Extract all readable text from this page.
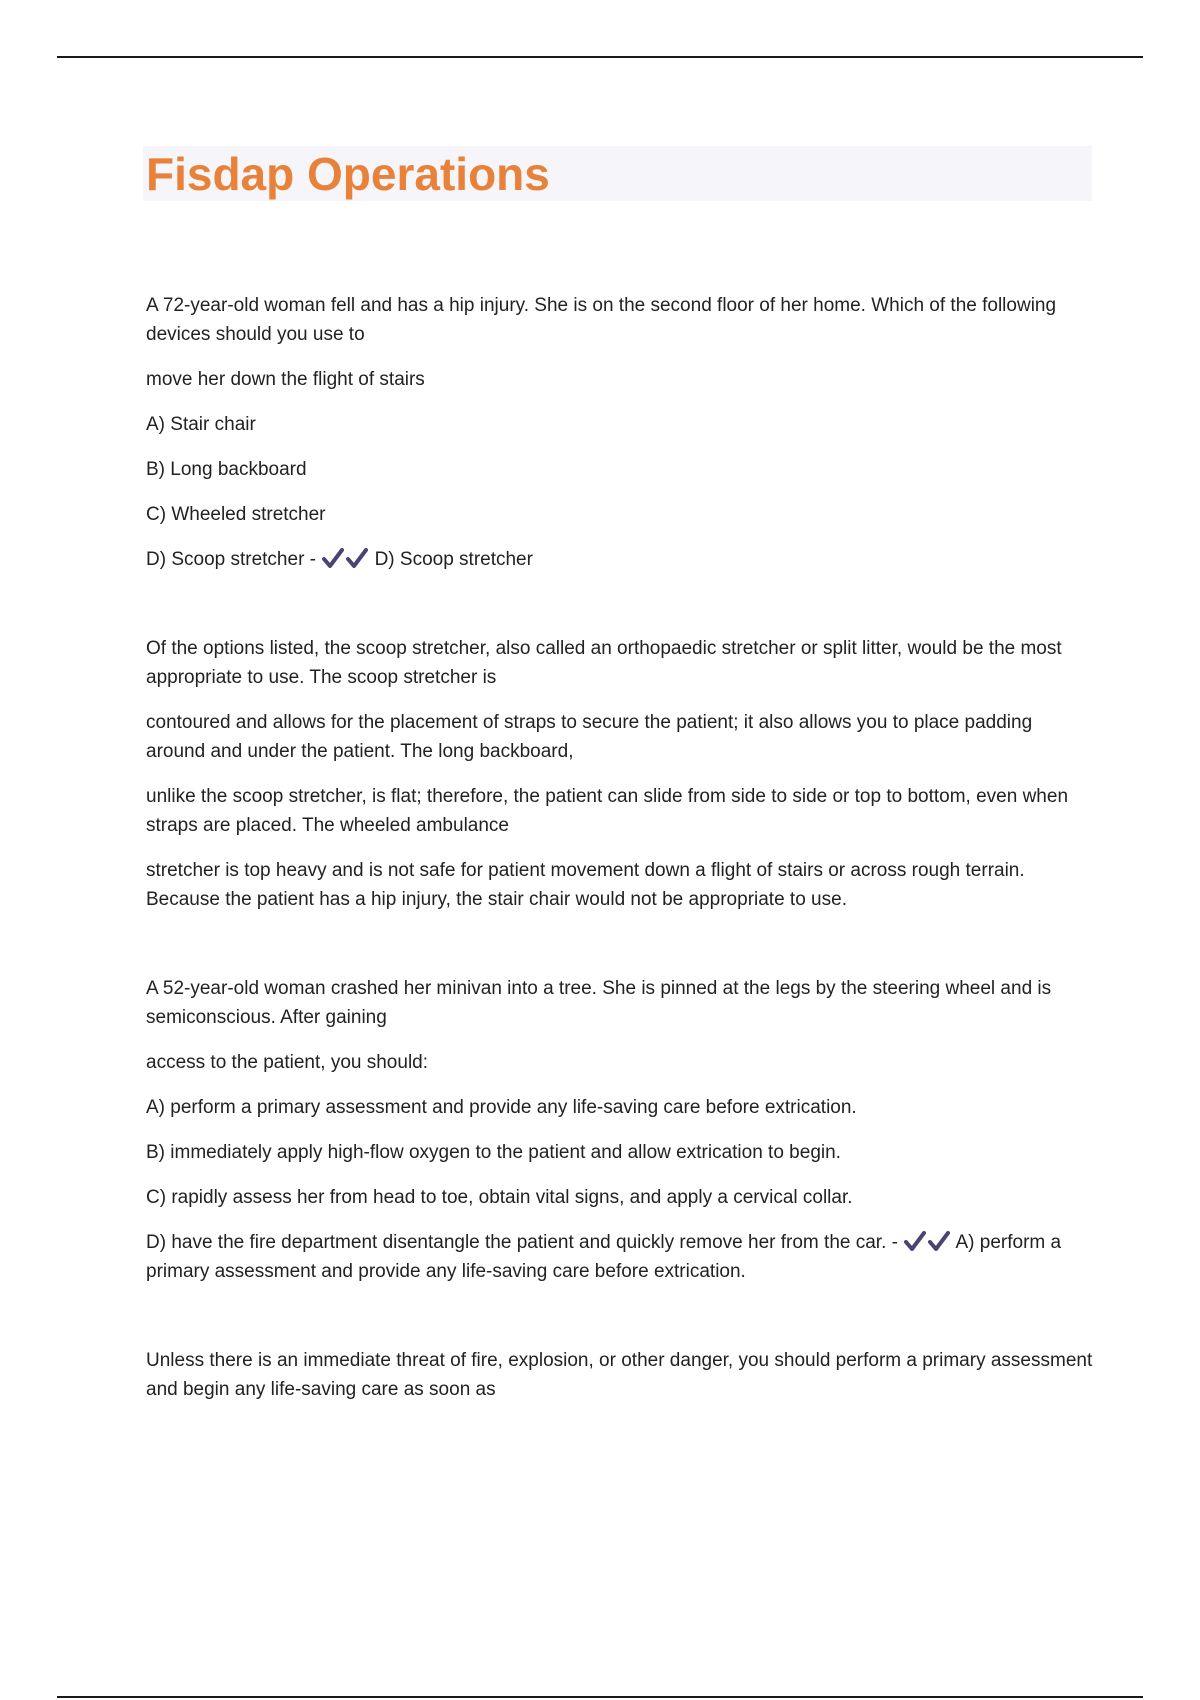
Fisdap Operations

A 72-year-old woman fell and has a hip injury. She is on the second floor of her home. Which of the following devices should you use to

move her down the flight of stairs

A) Stair chair

B) Long backboard

C) Wheeled stretcher

D) Scoop stretcher -	D) Scoop stretcher

Of the options listed, the scoop stretcher, also called an orthopaedic stretcher or split litter, would be the most appropriate to use. The scoop stretcher is

contoured and allows for the placement of straps to secure the patient; it also allows you to place padding around and under the patient. The long backboard,

unlike the scoop stretcher, is flat; therefore, the patient can slide from side to side or top to bottom, even when straps are placed. The wheeled ambulance

stretcher is top heavy and is not safe for patient movement down a flight of stairs or across rough terrain. Because the patient has a hip injury, the stair chair would not be appropriate to use.

A 52-year-old woman crashed her minivan into a tree. She is pinned at the legs by the steering wheel and is semiconscious. After gaining

access to the patient, you should:

A) perform a primary assessment and provide any life-saving care before extrication.

B) immediately apply high-flow oxygen to the patient and allow extrication to begin.

C) rapidly assess her from head to toe, obtain vital signs, and apply a cervical collar.

D) have the fire department disentangle the patient and quickly remove her from the car. -	A) perform a primary assessment and provide any life-saving care before extrication.

Unless there is an immediate threat of fire, explosion, or other danger, you should perform a primary assessment and begin any life-saving care as soon as
